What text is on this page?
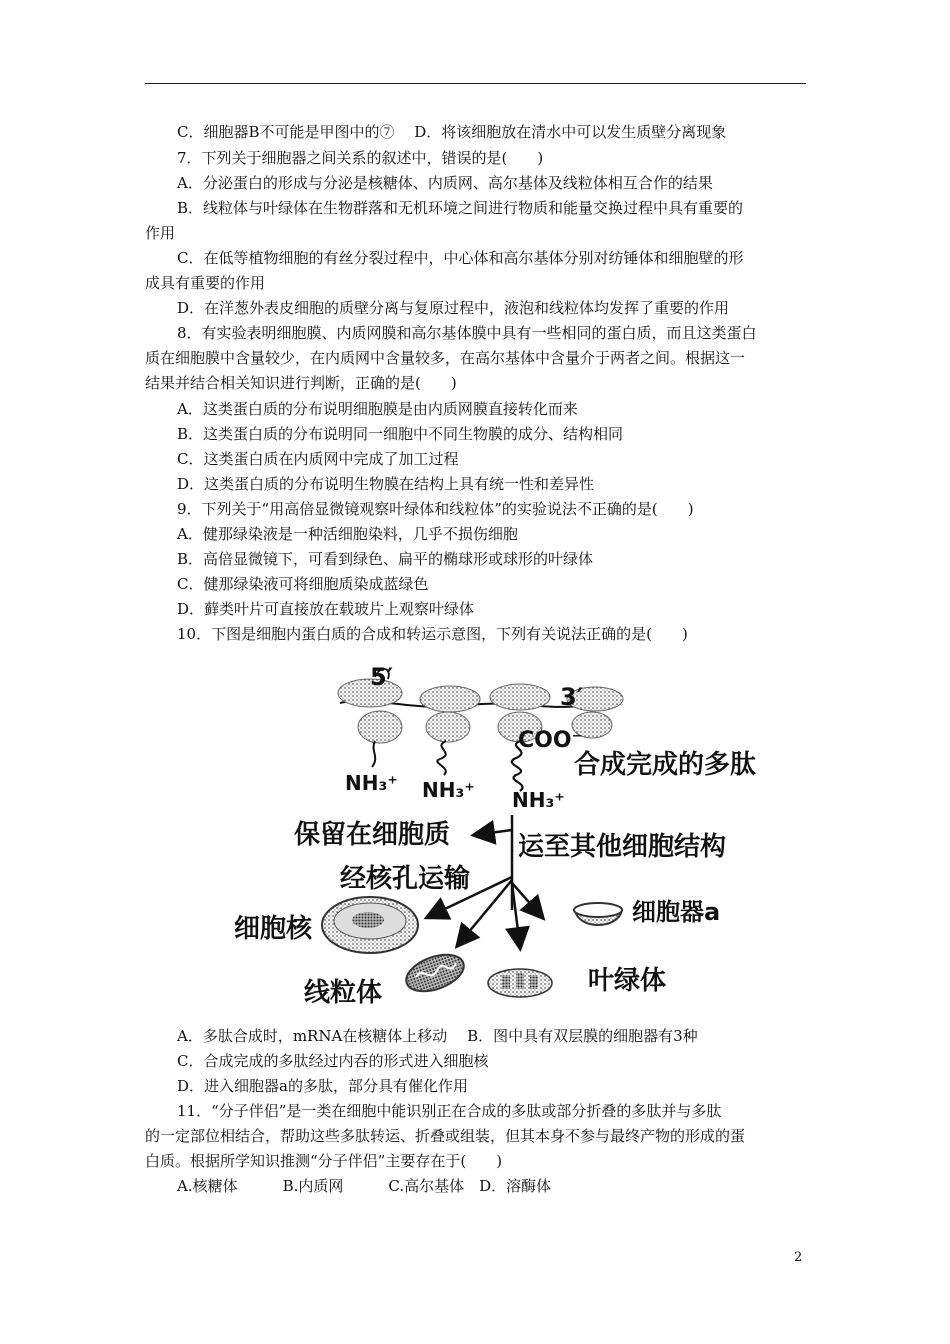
C．细胞器B不可能是甲图中的⑦　 D．将该细胞放在清水中可以发生质壁分离现象
7．下列关于细胞器之间关系的叙述中，错误的是(　　)
A．分泌蛋白的形成与分泌是核糖体、内质网、高尔基体及线粒体相互合作的结果
B．线粒体与叶绿体在生物群落和无机环境之间进行物质和能量交换过程中具有重要的
作用
C．在低等植物细胞的有丝分裂过程中，中心体和高尔基体分别对纺锤体和细胞壁的形
成具有重要的作用
D．在洋葱外表皮细胞的质壁分离与复原过程中，液泡和线粒体均发挥了重要的作用
8．有实验表明细胞膜、内质网膜和高尔基体膜中具有一些相同的蛋白质，而且这类蛋白
质在细胞膜中含量较少，在内质网中含量较多，在高尔基体中含量介于两者之间。根据这一
结果并结合相关知识进行判断，正确的是(　　)
A．这类蛋白质的分布说明细胞膜是由内质网膜直接转化而来
B．这类蛋白质的分布说明同一细胞中不同生物膜的成分、结构相同
C．这类蛋白质在内质网中完成了加工过程
D．这类蛋白质的分布说明生物膜在结构上具有统一性和差异性
9．下列关于“用高倍显微镜观察叶绿体和线粒体”的实验说法不正确的是(　　)
A．健那绿染液是一种活细胞染料，几乎不损伤细胞
B．高倍显微镜下，可看到绿色、扁平的椭球形或球形的叶绿体
C．健那绿染液可将细胞质染成蓝绿色
D．藓类叶片可直接放在载玻片上观察叶绿体
10．下图是细胞内蛋白质的合成和转运示意图，下列有关说法正确的是(　　)
5′
3′
COO⁻
NH₃⁺ NH₃⁺ NH₃⁺
合成完成的多肽
保留在细胞质	运至其他细胞结构
经核孔运输
细胞核
细胞器a
线粒体	叶绿体
A．多肽合成时，mRNA在核糖体上移动　 B．图中具有双层膜的细胞器有3种
C．合成完成的多肽经过内吞的形式进入细胞核
D．进入细胞器a的多肽，部分具有催化作用
11．“分子伴侣”是一类在细胞中能识别正在合成的多肽或部分折叠的多肽并与多肽
的一定部位相结合，帮助这些多肽转运、折叠或组装，但其本身不参与最终产物的形成的蛋
白质。根据所学知识推测“分子伴侣”主要存在于(　　)
A.核糖体　　　B.内质网　　　C.高尔基体　D．溶酶体
2
